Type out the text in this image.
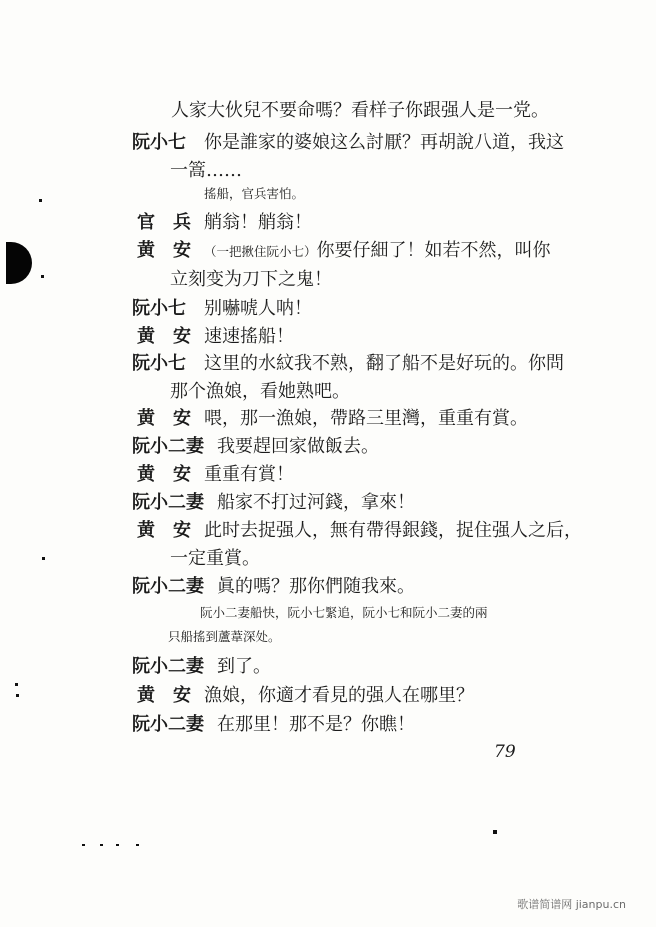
人家大伙兒不要命嗎？看样子你跟强人是一党。
阮小七 你是誰家的婆娘这么討厭？再胡說八道，我这
一篙……
搖船，官兵害怕。
官　兵 艄翁！艄翁！
黄　安 （一把揪住阮小七）你要仔細了！如若不然，叫你
立刻变为刀下之鬼！
阮小七 别嚇唬人呐！
黄　安 速速搖船！
阮小七 这里的水紋我不熟，翻了船不是好玩的。你問
那个漁娘，看她熟吧。
黄　安 喂，那一漁娘，帶路三里灣，重重有賞。
阮小二妻 我要趕回家做飯去。
黄　安 重重有賞！
阮小二妻 船家不打过河錢，拿來！
黄　安 此时去捉强人，無有帶得銀錢，捉住强人之后，
一定重賞。
阮小二妻 眞的嗎？那你們随我來。
阮小二妻船快，阮小七緊追，阮小七和阮小二妻的兩
只船搖到蘆葦深处。
阮小二妻 到了。
黄　安 漁娘，你適才看見的强人在哪里？
阮小二妻 在那里！那不是？你瞧！
79
歌谱简谱网 jianpu.cn
